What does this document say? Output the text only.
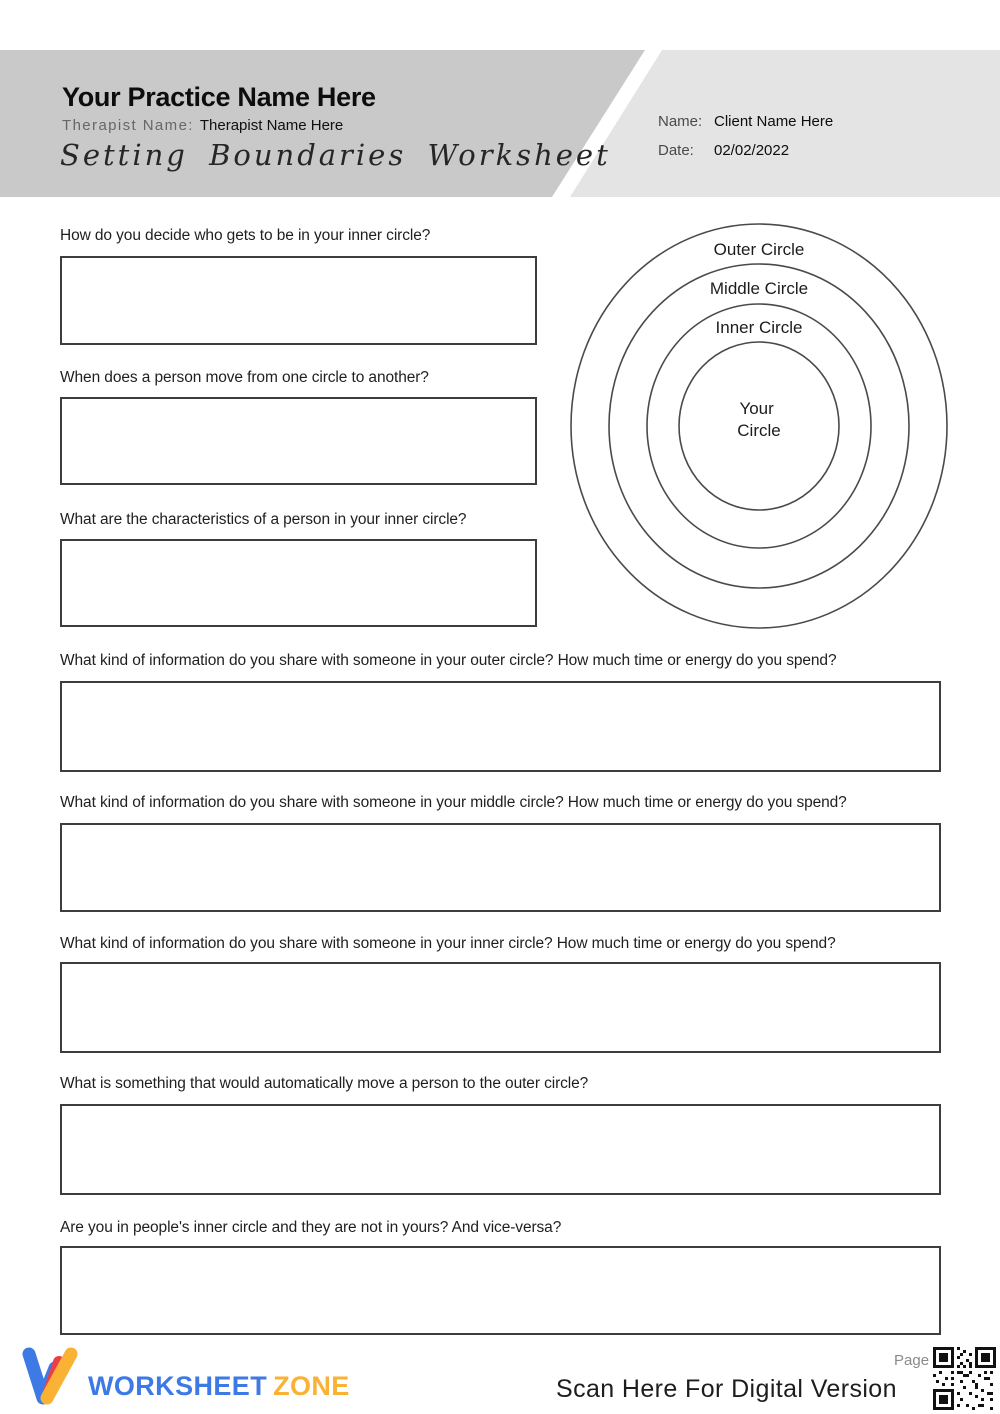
Your Practice Name Here
Therapist Name: Therapist Name Here
Setting Boundaries Worksheet
Name: Client Name Here
Date: 02/02/2022
How do you decide who gets to be in your inner circle?
When does a person move from one circle to another?
What are the characteristics of a person in your inner circle?
What kind of information do you share with someone in your outer circle? How much time or energy do you spend?
What kind of information do you share with someone in your middle circle? How much time or energy do you spend?
What kind of information do you share with someone in your inner circle? How much time or energy do you spend?
What is something that would automatically move a person to the outer circle?
Are you in people's inner circle and they are not in yours? And vice-versa?
Outer Circle
Middle Circle
Inner Circle
Your Circle
WORKSHEET ZONE
Page
Scan Here For Digital Version
